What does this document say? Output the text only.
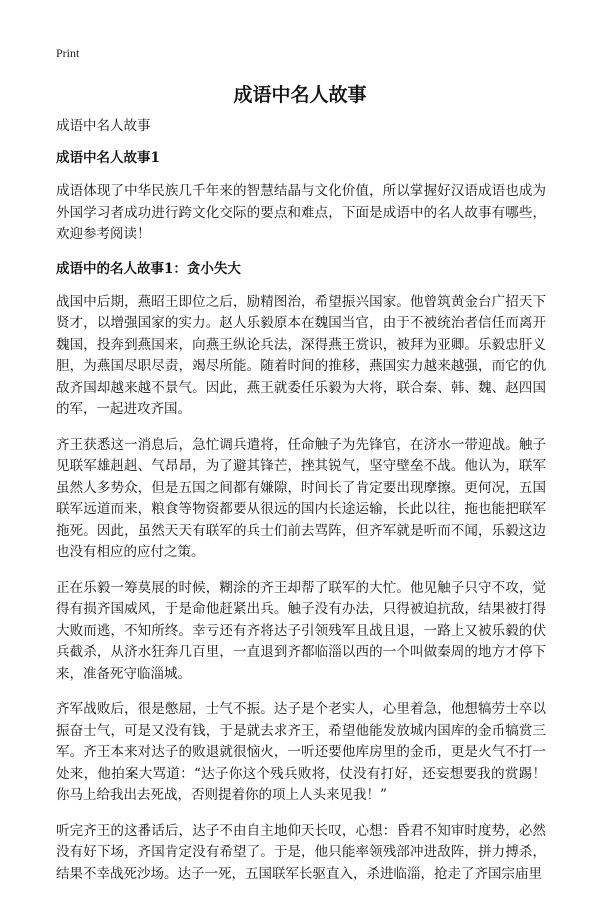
Print
成语中名人故事

成语中名人故事

成语中名人故事1

成语体现了中华民族几千年来的智慧结晶与文化价值，所以掌握好汉语成语也成为外国学习者成功进行跨文化交际的要点和难点，下面是成语中的名人故事有哪些，欢迎参考阅读！

成语中的名人故事1：贪小失大

战国中后期，燕昭王即位之后，励精图治，希望振兴国家。他曾筑黄金台广招天下贤才，以增强国家的实力。赵人乐毅原本在魏国当官，由于不被统治者信任而离开魏国，投奔到燕国来，向燕王纵论兵法，深得燕王赏识，被拜为亚卿。乐毅忠肝义胆，为燕国尽职尽责，竭尽所能。随着时间的推移，燕国实力越来越强，而它的仇敌齐国却越来越不景气。因此，燕王就委任乐毅为大将，联合秦、韩、魏、赵四国的军，一起进攻齐国。

齐王获悉这一消息后，急忙调兵遣将，任命触子为先锋官，在济水一带迎战。触子见联军雄赳赳、气昂昂，为了避其锋芒，挫其锐气，坚守壁垒不战。他认为，联军虽然人多势众，但是五国之间都有嫌隙，时间长了肯定要出现摩擦。更何况，五国联军远道而来，粮食等物资都要从很远的国内长途运输，长此以往，拖也能把联军拖死。因此，虽然天天有联军的兵士们前去骂阵，但齐军就是听而不闻，乐毅这边也没有相应的应付之策。

正在乐毅一筹莫展的时候，糊涂的齐王却帮了联军的大忙。他见触子只守不攻，觉得有损齐国威风，于是命他赶紧出兵。触子没有办法，只得被迫抗敌，结果被打得大败而逃，不知所终。幸亏还有齐将达子引领残军且战且退，一路上又被乐毅的伏兵截杀，从济水狂奔几百里，一直退到齐都临淄以西的一个叫做秦周的地方才停下来，准备死守临淄城。

齐军战败后，很是憋屈，士气不振。达子是个老实人，心里着急，他想犒劳士卒以振奋士气，可是又没有钱，于是就去求齐王，希望他能发放城内国库的金币犒赏三军。齐王本来对达子的败退就很恼火，一听还要他库房里的金币，更是火气不打一处来，他拍案大骂道：“达子你这个残兵败将，仗没有打好，还妄想要我的赏踢！你马上给我出去死战，否则提着你的项上人头来见我！”

听完齐王的这番话后，达子不由自主地仰天长叹，心想：昏君不知审时度势，必然没有好下场，齐国肯定没有希望了。于是，他只能率领残部冲进敌阵，拼力搏杀，结果不幸战死沙场。达子一死，五国联军长驱直入，杀进临淄，抢走了齐国宗庙里
